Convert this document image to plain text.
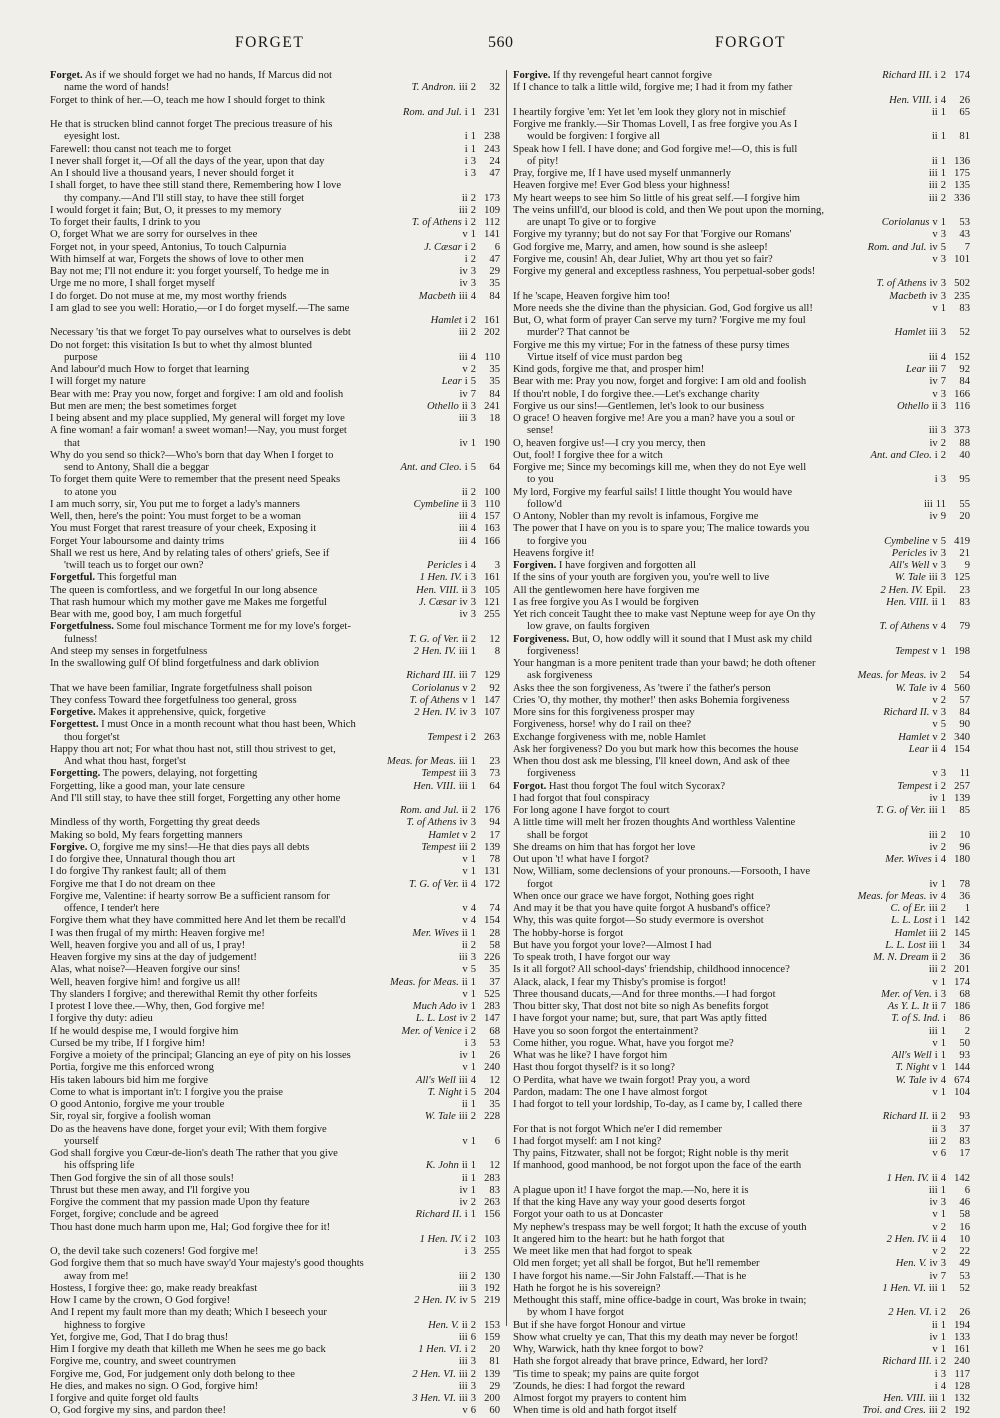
FORGET	560	FORGOT
Forget. As if we should forget we had no hands, If Marcus did not
name the word of hands!	T. Andron. iii 2	32
Forget to think of her.—O, teach me how I should forget to think
Rom. and Jul. i 1 231
He that is strucken blind cannot forget The precious treasure of his
eyesight lost.	i 1 238
Farewell: thou canst not teach me to forget	i 1 243
I never shall forget it,—Of all the days of the year, upon that day	i 3	24
An I should live a thousand years, I never should forget it	i 3	47
I shall forget, to have thee still stand there, Remembering how I love
thy company.—And I'll still stay, to have thee still forget	ii 2 173
I would forget it fain; But, O, it presses to my memory	iii 2 109
To forget their faults, I drink to you	T. of Athens i 2 112
O, forget What we are sorry for ourselves in thee	v 1 141
Forget not, in your speed, Antonius, To touch Calpurnia	J. Cæsar i 2	6
With himself at war, Forgets the shows of love to other men	i 2	47
Bay not me; I'll not endure it: you forget yourself, To hedge me in	iv 3	29
Urge me no more, I shall forget myself	iv 3	35
I do forget. Do not muse at me, my most worthy friends	Macbeth iii 4	84
I am glad to see you well: Horatio,—or I do forget myself.—The same
Hamlet i 2 161
Necessary 'tis that we forget To pay ourselves what to ourselves is debt	iii 2 202
Do not forget: this visitation Is but to whet thy almost blunted
purpose	iii 4 110
And labour'd much How to forget that learning	v 2	35
I will forget my nature	Lear i 5	35
Bear with me: Pray you now, forget and forgive: I am old and foolish	iv 7	84
But men are men; the best sometimes forget	Othello ii 3 241
I being absent and my place supplied, My general will forget my love	iii 3	18
A fine woman! a fair woman! a sweet woman!—Nay, you must forget
that	iv 1 190
Why do you send so thick?—Who's born that day When I forget to
send to Antony, Shall die a beggar	Ant. and Cleo. i 5	64
To forget them quite Were to remember that the present need Speaks
to atone you	ii 2 100
I am much sorry, sir, You put me to forget a lady's manners	Cymbeline ii 3 110
Well, then, here's the point: You must forget to be a woman	iii 4 157
You must Forget that rarest treasure of your cheek, Exposing it	iii 4 163
Forget Your laboursome and dainty trims	iii 4 166
Shall we rest us here, And by relating tales of others' griefs, See if
'twill teach us to forget our own?	Pericles i 4	3
Forgetful. This forgetful man	1 Hen. IV. i 3 161
The queen is comfortless, and we forgetful In our long absence	Hen. VIII. ii 3 105
That rash humour which my mother gave me Makes me forgetful	J. Cæsar iv 3 121
Bear with me, good boy, I am much forgetful	iv 3 255
Forgetfulness. Some foul mischance Torment me for my love's forget-
fulness!	T. G. of Ver. ii 2	12
And steep my senses in forgetfulness	2 Hen. IV. iii 1	8
In the swallowing gulf Of blind forgetfulness and dark oblivion
Richard III. iii 7 129
That we have been familiar, Ingrate forgetfulness shall poison	Coriolanus v 2	92
They confess Toward thee forgetfulness too general, gross	T. of Athens v 1 147
Forgetive. Makes it apprehensive, quick, forgetive	2 Hen. IV. iv 3 107
Forgettest. I must Once in a month recount what thou hast been, Which
thou forget'st	Tempest i 2 263
Happy thou art not; For what thou hast not, still thou strivest to get,
And what thou hast, forget'st	Meas. for Meas. iii 1	23
Forgetting. The powers, delaying, not forgetting	Tempest iii 3	73
Forgetting, like a good man, your late censure	Hen. VIII. iii 1	64
And I'll still stay, to have thee still forget, Forgetting any other home
Rom. and Jul. ii 2 176
Mindless of thy worth, Forgetting thy great deeds	T. of Athens iv 3	94
Making so bold, My fears forgetting manners	Hamlet v 2	17
Forgive. O, forgive me my sins!—He that dies pays all debts	Tempest iii 2 139
I do forgive thee, Unnatural though thou art	v 1	78
I do forgive Thy rankest fault; all of them	v 1 131
Forgive me that I do not dream on thee	T. G. of Ver. ii 4 172
Forgive me, Valentine: if hearty sorrow Be a sufficient ransom for
offence, I tender't here	v 4	74
Forgive them what they have committed here And let them be recall'd	v 4 154
I was then frugal of my mirth: Heaven forgive me!	Mer. Wives ii 1	28
Well, heaven forgive you and all of us, I pray!	ii 2	58
Heaven forgive my sins at the day of judgement!	iii 3 226
Alas, what noise?—Heaven forgive our sins!	v 5	35
Well, heaven forgive him! and forgive us all!	Meas. for Meas. ii 1	37
Thy slanders I forgive; and therewithal Remit thy other forfeits	v 1 525
I protest I love thee.—Why, then, God forgive me!	Much Ado iv 1 283
I forgive thy duty: adieu	L. L. Lost iv 2 147
If he would despise me, I would forgive him	Mer. of Venice i 2	68
Cursed be my tribe, If I forgive him!	i 3	53
Forgive a moiety of the principal; Glancing an eye of pity on his losses	iv 1	26
Portia, forgive me this enforced wrong	v 1 240
His taken labours bid him me forgive	All's Well iii 4	12
Come to what is important in't: I forgive you the praise	T. Night i 5 204
O good Antonio, forgive me your trouble	ii 1	35
Sir, royal sir, forgive a foolish woman	W. Tale iii 2 228
Do as the heavens have done, forget your evil; With them forgive
yourself	v 1	6
God shall forgive you Cœur-de-lion's death The rather that you give
his offspring life	K. John ii 1	12
Then God forgive the sin of all those souls!	ii 1 283
Thrust but these men away, and I'll forgive you	iv 1	83
Forgive the comment that my passion made Upon thy feature	iv 2 263
Forget, forgive; conclude and be agreed	Richard II. i 1 156
Thou hast done much harm upon me, Hal; God forgive thee for it!
1 Hen. IV. i 2 103
O, the devil take such cozeners! God forgive me!	i 3 255
God forgive them that so much have sway'd Your majesty's good thoughts
away from me!	iii 2 130
Hostess, I forgive thee: go, make ready breakfast	iii 3 192
How I came by the crown, O God forgive!	2 Hen. IV. iv 5 219
And I repent my fault more than my death; Which I beseech your
highness to forgive	Hen. V. ii 2 153
Yet, forgive me, God, That I do brag thus!	iii 6 159
Him I forgive my death that killeth me When he sees me go back	1 Hen. VI. i 2	20
Forgive me, country, and sweet countrymen	iii 3	81
Forgive me, God, For judgement only doth belong to thee	2 Hen. VI. iii 2 139
He dies, and makes no sign. O God, forgive him!	iii 3	29
I forgive and quite forget old faults	3 Hen. VI. iii 3 200
O, God forgive my sins, and pardon thee!	v 6	60
Forgive. If thy revengeful heart cannot forgive	Richard III. i 2 174
If I chance to talk a little wild, forgive me; I had it from my father
Hen. VIII. i 4	26
I heartily forgive 'em: Yet let 'em look they glory not in mischief	ii 1	65
Forgive me frankly.—Sir Thomas Lovell, I as free forgive you As I
would be forgiven: I forgive all	ii 1	81
Speak how I fell. I have done; and God forgive me!—O, this is full
of pity!	ii 1 136
Pray, forgive me, If I have used myself unmannerly	iii 1 175
Heaven forgive me! Ever God bless your highness!	iii 2 135
My heart weeps to see him So little of his great self.—I forgive him	iii 2 336
The veins unfill'd, our blood is cold, and then We pout upon the morning,
are unapt To give or to forgive	Coriolanus v 1	53
Forgive my tyranny; but do not say For that 'Forgive our Romans'	v 3	43
God forgive me, Marry, and amen, how sound is she asleep!	Rom. and Jul. iv 5	7
Forgive me, cousin! Ah, dear Juliet, Why art thou yet so fair?	v 3 101
Forgive my general and exceptless rashness, You perpetual-sober gods!
T. of Athens iv 3 502
If he 'scape, Heaven forgive him too!	Macbeth iv 3 235
More needs she the divine than the physician. God, God forgive us all!	v 1	83
But, O, what form of prayer Can serve my turn? 'Forgive me my foul
murder'? That cannot be	Hamlet iii 3	52
Forgive me this my virtue; For in the fatness of these pursy times
Virtue itself of vice must pardon beg	iii 4 152
Kind gods, forgive me that, and prosper him!	Lear iii 7	92
Bear with me: Pray you now, forget and forgive: I am old and foolish	iv 7	84
If thou'rt noble, I do forgive thee.—Let's exchange charity	v 3 166
Forgive us our sins!—Gentlemen, let's look to our business	Othello ii 3 116
O grace! O heaven forgive me! Are you a man? have you a soul or
sense!	iii 3 373
O, heaven forgive us!—I cry you mercy, then	iv 2	88
Out, fool! I forgive thee for a witch	Ant. and Cleo. i 2	40
Forgive me; Since my becomings kill me, when they do not Eye well
to you	i 3	95
My lord, Forgive my fearful sails! I little thought You would have
follow'd	iii 11	55
O Antony, Nobler than my revolt is infamous, Forgive me	iv 9	20
The power that I have on you is to spare you; The malice towards you
to forgive you	Cymbeline v 5 419
Heavens forgive it!	Pericles iv 3	21
Forgiven. I have forgiven and forgotten all	All's Well v 3	9
If the sins of your youth are forgiven you, you're well to live	W. Tale iii 3 125
All the gentlewomen here have forgiven me	2 Hen. IV. Epil.	23
I as free forgive you As I would be forgiven	Hen. VIII. ii 1	83
Yet rich conceit Taught thee to make vast Neptune weep for aye On thy
low grave, on faults forgiven	T. of Athens v 4	79
Forgiveness. But, O, how oddly will it sound that I Must ask my child
forgiveness!	Tempest v 1 198
Your hangman is a more penitent trade than your bawd; he doth oftener
ask forgiveness	Meas. for Meas. iv 2	54
Asks thee the son forgiveness, As 'twere i' the father's person	W. Tale iv 4 560
Cries 'O, thy mother, thy mother!' then asks Bohemia forgiveness	v 2	57
More sins for this forgiveness prosper may	Richard II. v 3	84
Forgiveness, horse! why do I rail on thee?	v 5	90
Exchange forgiveness with me, noble Hamlet	Hamlet v 2 340
Ask her forgiveness? Do you but mark how this becomes the house	Lear ii 4 154
When thou dost ask me blessing, I'll kneel down, And ask of thee
forgiveness	v 3	11
Forgot. Hast thou forgot The foul witch Sycorax?	Tempest i 2 257
I had forgot that foul conspiracy	iv 1 139
For long agone I have forgot to court	T. G. of Ver. iii 1	85
A little time will melt her frozen thoughts And worthless Valentine
shall be forgot	iii 2	10
She dreams on him that has forgot her love	iv 2	96
Out upon 't! what have I forgot?	Mer. Wives i 4 180
Now, William, some declensions of your pronouns.—Forsooth, I have
forgot	iv 1	78
When once our grace we have forgot, Nothing goes right	Meas. for Meas. iv 4	36
And may it be that you have quite forgot A husband's office?	C. of Er. iii 2	1
Why, this was quite forgot—So study evermore is overshot	L. L. Lost i 1 142
The hobby-horse is forgot	Hamlet iii 2 145
But have you forgot your love?—Almost I had	L. L. Lost iii 1	34
To speak troth, I have forgot our way	M. N. Dream ii 2	36
Is it all forgot? All school-days' friendship, childhood innocence?	iii 2 201
Alack, alack, I fear my Thisby's promise is forgot!	v 1 174
Three thousand ducats,—And for three months.—I had forgot	Mer. of Ven. i 3	68
Thou bitter sky, That dost not bite so nigh As benefits forgot	As Y. L. It ii 7 186
I have forgot your name; but, sure, that part Was aptly fitted	T. of S. Ind. i	86
Have you so soon forgot the entertainment?	iii 1	2
Come hither, you rogue. What, have you forgot me?	v 1	50
What was he like? I have forgot him	All's Well i 1	93
Hast thou forgot thyself? is it so long?	T. Night v 1 144
O Perdita, what have we twain forgot! Pray you, a word	W. Tale iv 4 674
Pardon, madam: The one I have almost forgot	v 1 104
I had forgot to tell your lordship, To-day, as I came by, I called there
Richard II. ii 2	93
For that is not forgot Which ne'er I did remember	ii 3	37
I had forgot myself: am I not king?	iii 2	83
Thy pains, Fitzwater, shall not be forgot; Right noble is thy merit	v 6	17
If manhood, good manhood, be not forgot upon the face of the earth
1 Hen. IV. ii 4 142
A plague upon it! I have forgot the map.—No, here it is	iii 1	6
If that the king Have any way your good deserts forgot	iv 3	46
Forgot your oath to us at Doncaster	v 1	58
My nephew's trespass may be well forgot; It hath the excuse of youth	v 2	16
It angered him to the heart: but he hath forgot that	2 Hen. IV. ii 4	10
We meet like men that had forgot to speak	v 2	22
Old men forget; yet all shall be forgot, But he'll remember	Hen. V. iv 3	49
I have forgot his name.—Sir John Falstaff.—That is he	iv 7	53
Hath he forgot he is his sovereign?	1 Hen. VI. iii 1	52
Methought this staff, mine office-badge in court, Was broke in twain;
by whom I have forgot	2 Hen. VI. i 2	26
But if she have forgot Honour and virtue	ii 1 194
Show what cruelty ye can, That this my death may never be forgot!	iv 1 133
Why, Warwick, hath thy knee forgot to bow?	v 1 161
Hath she forgot already that brave prince, Edward, her lord?	Richard III. i 2 240
'Tis time to speak; my pains are quite forgot	i 3 117
'Zounds, he dies: I had forgot the reward	i 4 128
Almost forgot my prayers to content him	Hen. VIII. iii 1 132
When time is old and hath forgot itself	Troi. and Cres. iii 2 192
